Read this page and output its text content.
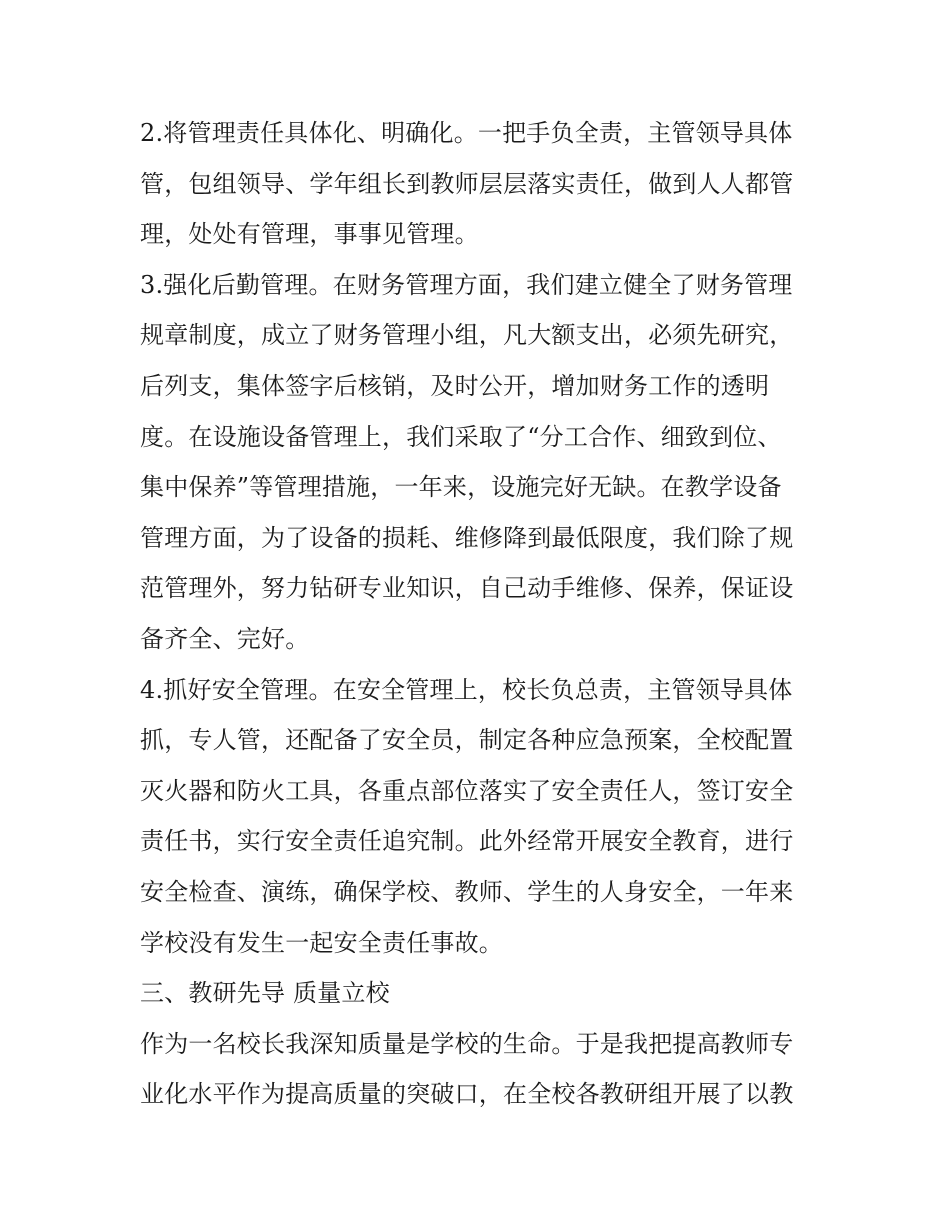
2.将管理责任具体化、明确化。一把手负全责，主管领导具体
管，包组领导、学年组长到教师层层落实责任，做到人人都管
理，处处有管理，事事见管理。
3.强化后勤管理。在财务管理方面，我们建立健全了财务管理
规章制度，成立了财务管理小组，凡大额支出，必须先研究，
后列支，集体签字后核销，及时公开，增加财务工作的透明
度。在设施设备管理上，我们采取了“分工合作、细致到位、
集中保养”等管理措施，一年来，设施完好无缺。在教学设备
管理方面，为了设备的损耗、维修降到最低限度，我们除了规
范管理外，努力钻研专业知识，自己动手维修、保养，保证设
备齐全、完好。
4.抓好安全管理。在安全管理上，校长负总责，主管领导具体
抓，专人管，还配备了安全员，制定各种应急预案，全校配置
灭火器和防火工具，各重点部位落实了安全责任人，签订安全
责任书，实行安全责任追究制。此外经常开展安全教育，进行
安全检查、演练，确保学校、教师、学生的人身安全，一年来
学校没有发生一起安全责任事故。
三、教研先导 质量立校
作为一名校长我深知质量是学校的生命。于是我把提高教师专
业化水平作为提高质量的突破口，在全校各教研组开展了以教
